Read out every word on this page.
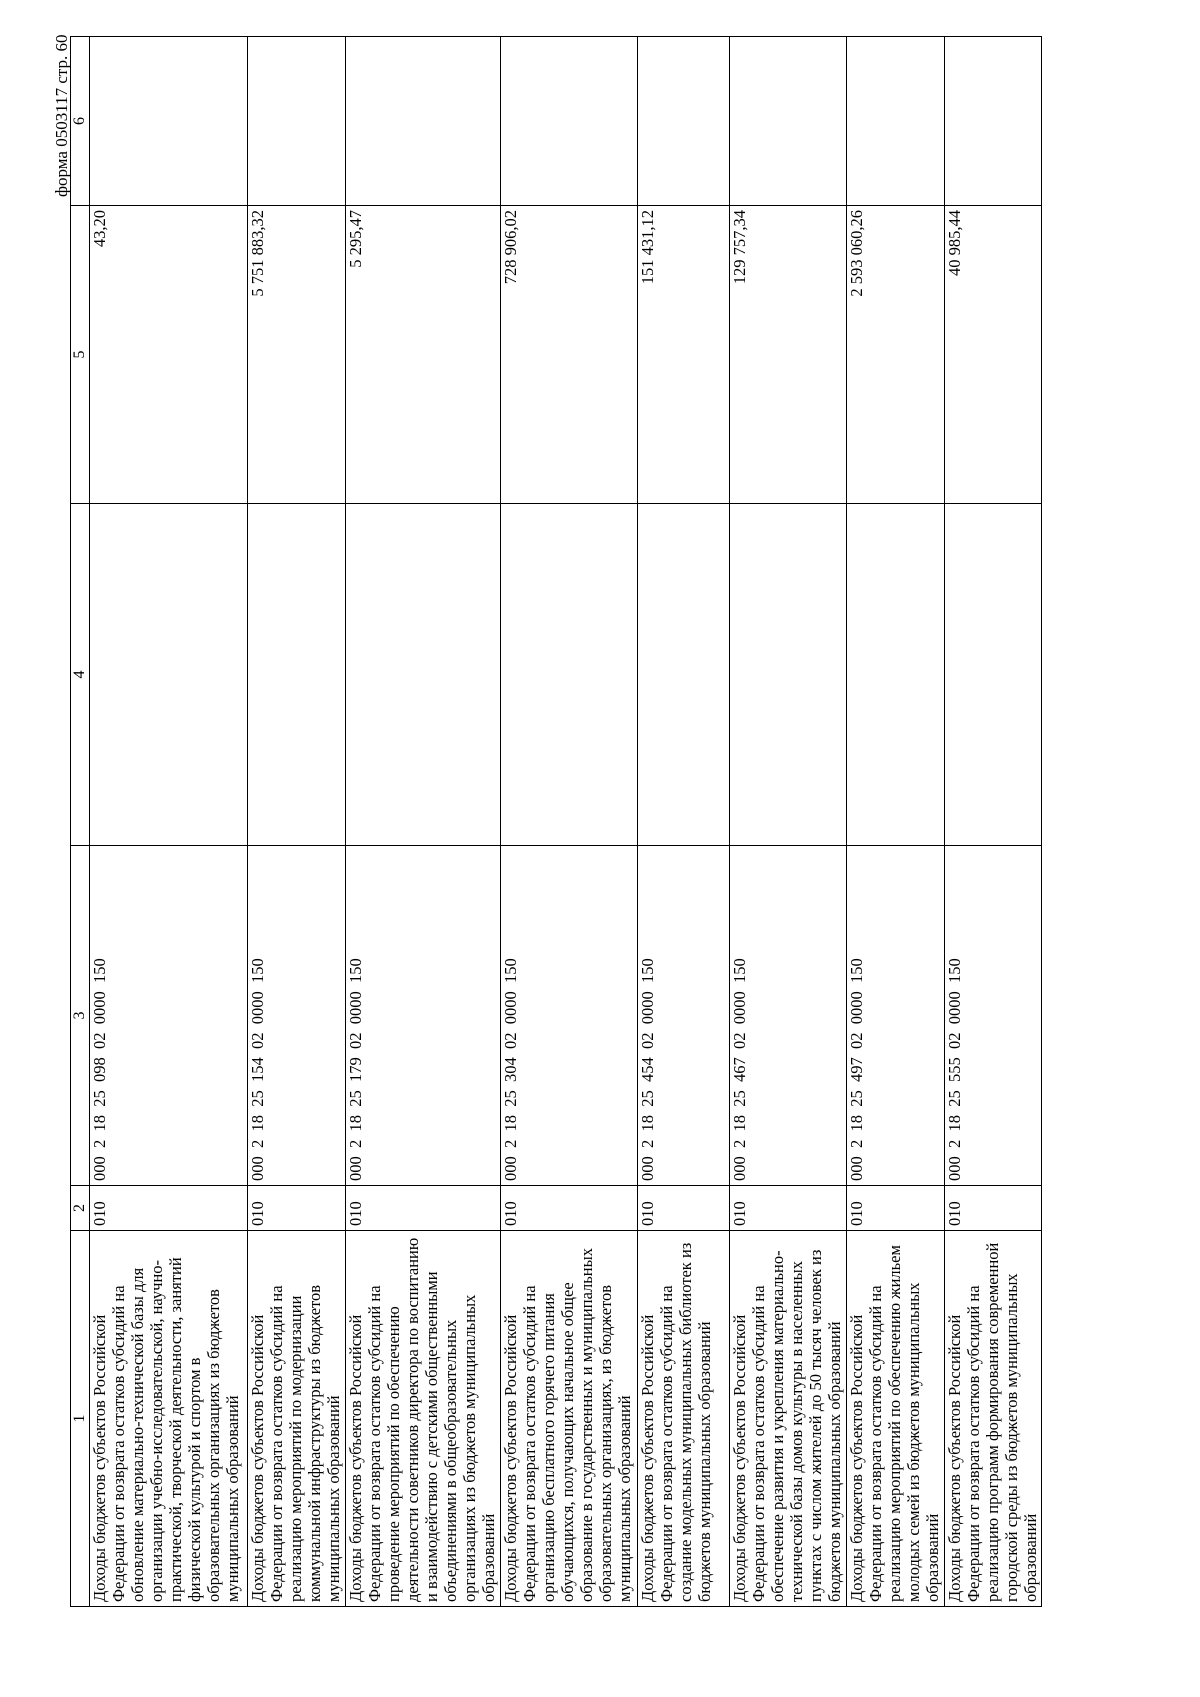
форма 0503117 стр. 60
1	2	3	4	5	6
Доходы бюджетов субъектов Российской Федерации от возврата остатков субсидий на обновление материально-технической базы для организации учебно-исследовательской, научно-практической, творческой деятельности, занятий физической культурой и спортом в образовательных организациях из бюджетов муниципальных образований	010	000  2  18  25  098  02  0000  150		43,20	
Доходы бюджетов субъектов Российской Федерации от возврата остатков субсидий на реализацию мероприятий по модернизации коммунальной инфраструктуры из бюджетов муниципальных образований	010	000  2  18  25  154  02  0000  150		5 751 883,32	
Доходы бюджетов субъектов Российской Федерации от возврата остатков субсидий на проведение мероприятий по обеспечению деятельности советников директора по воспитанию и взаимодействию с детскими общественными объединениями в общеобразовательных организациях из бюджетов муниципальных образований	010	000  2  18  25  179  02  0000  150		5 295,47	
Доходы бюджетов субъектов Российской Федерации от возврата остатков субсидий на организацию бесплатного горячего питания обучающихся, получающих начальное общее образование в государственных и муниципальных образовательных организациях, из бюджетов муниципальных образований	010	000  2  18  25  304  02  0000  150		728 906,02	
Доходы бюджетов субъектов Российской Федерации от возврата остатков субсидий на создание модельных муниципальных библиотек из бюджетов муниципальных образований	010	000  2  18  25  454  02  0000  150		151 431,12	
Доходы бюджетов субъектов Российской Федерации от возврата остатков субсидий на обеспечение развития и укрепления материально-технической базы домов культуры в населенных пунктах с числом жителей до 50 тысяч человек из бюджетов муниципальных образований	010	000  2  18  25  467  02  0000  150		129 757,34	
Доходы бюджетов субъектов Российской Федерации от возврата остатков субсидий на реализацию мероприятий по обеспечению жильем молодых семей из бюджетов муниципальных образований	010	000  2  18  25  497  02  0000  150		2 593 060,26	
Доходы бюджетов субъектов Российской Федерации от возврата остатков субсидий на реализацию программ формирования современной городской среды из бюджетов муниципальных образований	010	000  2  18  25  555  02  0000  150		40 985,44	
